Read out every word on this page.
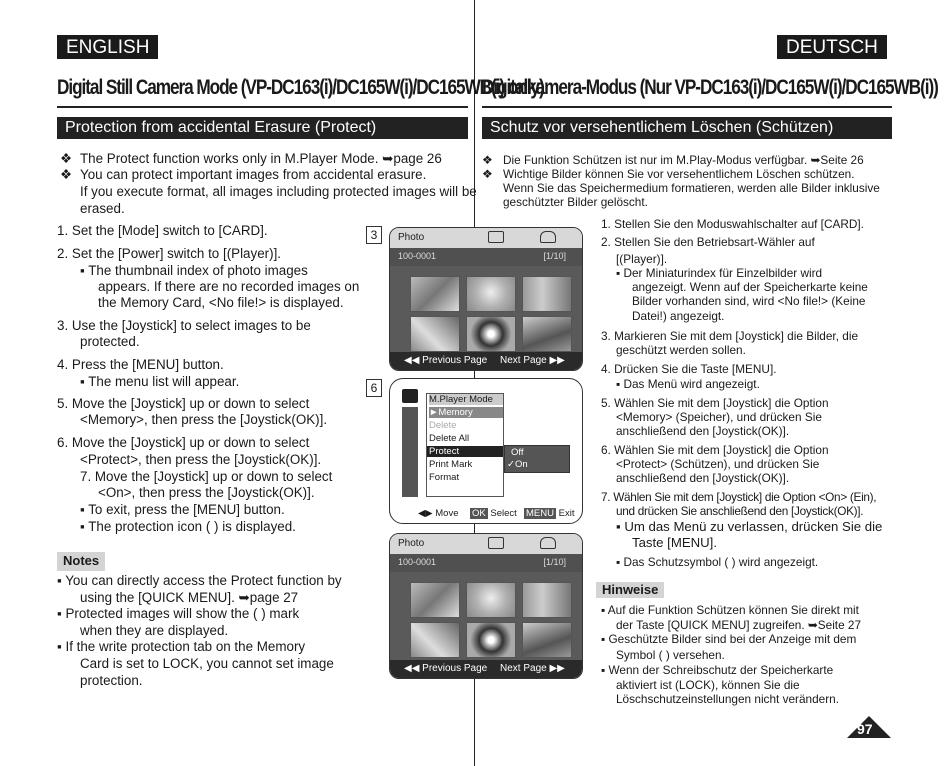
ENGLISH	DEUTSCH
Digital Still Camera Mode (VP-DC163(i)/DC165W(i)/DC165WB(i) only)
Digitalkamera-Modus (Nur VP-DC163(i)/DC165W(i)/DC165WB(i))
Protection from accidental Erasure (Protect)	Schutz vor versehentlichem Löschen (Schützen)
❖ The Protect function works only in M.Player Mode. ➥page 26
❖ You can protect important images from accidental erasure.
If you execute format, all images including protected images will be
erased.
1. Set the [Mode] switch to [CARD].
2. Set the [Power] switch to [(Player)].
▪ The thumbnail index of photo images
appears. If there are no recorded images on
the Memory Card, <No file!> is displayed.
3. Use the [Joystick] to select images to be
protected.
4. Press the [MENU] button.
▪ The menu list will appear.
5. Move the [Joystick] up or down to select
<Memory>, then press the [Joystick(OK)].
6. Move the [Joystick] up or down to select
<Protect>, then press the [Joystick(OK)].
7. Move the [Joystick] up or down to select
<On>, then press the [Joystick(OK)].
▪ To exit, press the [MENU] button.
▪ The protection icon ( ) is displayed.
Notes
▪ You can directly access the Protect function by
using the [QUICK MENU]. ➥page 27
▪ Protected images will show the ( ) mark
when they are displayed.
▪ If the write protection tab on the Memory
Card is set to LOCK, you cannot set image
protection.
❖ Die Funktion Schützen ist nur im M.Play-Modus verfügbar. ➥Seite 26
❖ Wichtige Bilder können Sie vor versehentlichem Löschen schützen.
Wenn Sie das Speichermedium formatieren, werden alle Bilder inklusive
geschützter Bilder gelöscht.
1. Stellen Sie den Moduswahlschalter auf [CARD].
2. Stellen Sie den Betriebsart-Wähler auf
[(Player)].
▪ Der Miniaturindex für Einzelbilder wird
angezeigt. Wenn auf der Speicherkarte keine
Bilder vorhanden sind, wird <No file!> (Keine
Datei!) angezeigt.
3. Markieren Sie mit dem [Joystick] die Bilder, die
geschützt werden sollen.
4. Drücken Sie die Taste [MENU].
▪ Das Menü wird angezeigt.
5. Wählen Sie mit dem [Joystick] die Option
<Memory> (Speicher), und drücken Sie
anschließend den [Joystick(OK)].
6. Wählen Sie mit dem [Joystick] die Option
<Protect> (Schützen), und drücken Sie
anschließend den [Joystick(OK)].
7. Wählen Sie mit dem [Joystick] die Option <On> (Ein),
und drücken Sie anschließend den [Joystick(OK)].
▪ Um das Menü zu verlassen, drücken Sie die
Taste [MENU].
▪ Das Schutzsymbol ( ) wird angezeigt.
Hinweise
▪ Auf die Funktion Schützen können Sie direkt mit
der Taste [QUICK MENU] zugreifen. ➥Seite 27
▪ Geschützte Bilder sind bei der Anzeige mit dem
Symbol ( ) versehen.
▪ Wenn der Schreibschutz der Speicherkarte
aktiviert ist (LOCK), können Sie die
Löschschutzeinstellungen nicht verändern.
3
6
Photo
100-0001	[1/10]
◀◀ Previous Page Next Page ▶▶
M.Player Mode
►Memory
Delete
Delete All
Protect
Print Mark
Format
Off
✓On
◀▶ Move OK Select MENU Exit
Photo
100-0001	[1/10]
◀◀ Previous Page Next Page ▶▶
97
